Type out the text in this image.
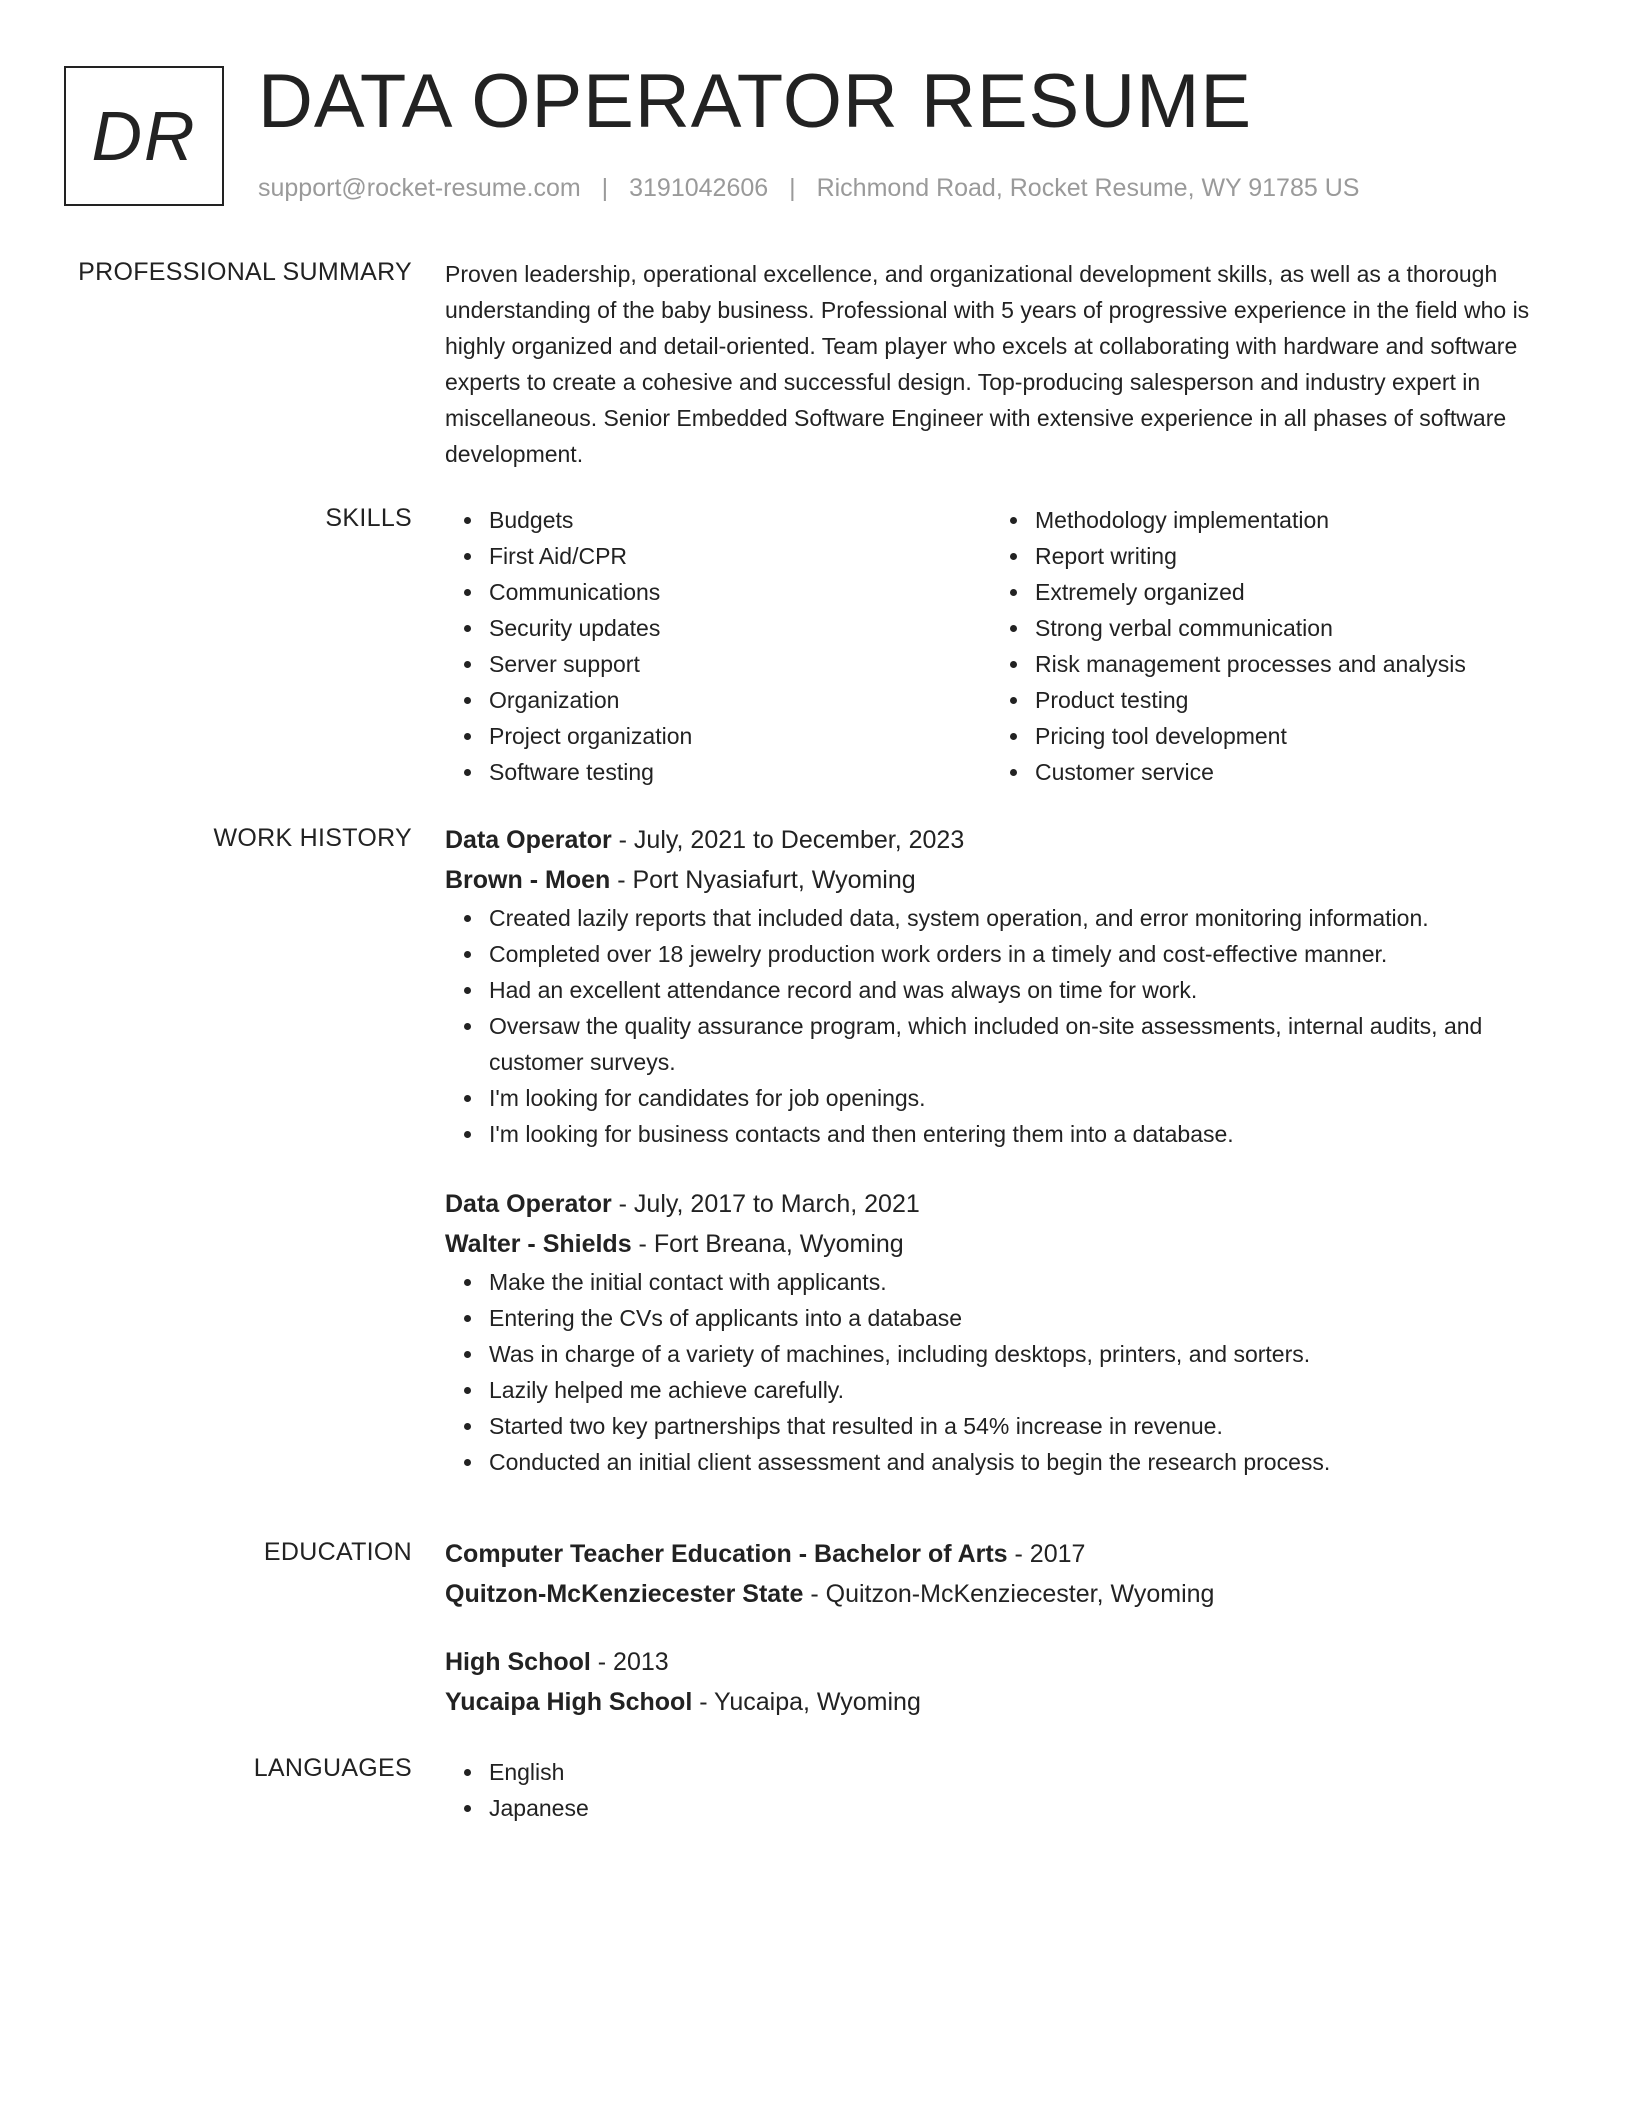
DR DATA OPERATOR RESUME
support@rocket-resume.com | 3191042606 | Richmond Road, Rocket Resume, WY 91785 US
PROFESSIONAL SUMMARY Proven leadership, operational excellence, and organizational development skills, as well as a thorough understanding of the baby business. Professional with 5 years of progressive experience in the field who is highly organized and detail-oriented. Team player who excels at collaborating with hardware and software experts to create a cohesive and successful design. Top-producing salesperson and industry expert in miscellaneous. Senior Embedded Software Engineer with extensive experience in all phases of software development.

SKILLS	Budgets
First Aid/CPR
Communications
Security updates
Server support
Organization
Project organization
Software testing
Methodology implementation
Report writing
Extremely organized
Strong verbal communication
Risk management processes and analysis
Product testing
Pricing tool development
Customer service
WORK HISTORY Data Operator - July, 2021 to December, 2023
Brown - Moen - Port Nyasiafurt, Wyoming
Created lazily reports that included data, system operation, and error monitoring information.
Completed over 18 jewelry production work orders in a timely and cost-effective manner.
Had an excellent attendance record and was always on time for work.
Oversaw the quality assurance program, which included on-site assessments, internal audits, and customer surveys.
I'm looking for candidates for job openings.
I'm looking for business contacts and then entering them into a database.
Data Operator - July, 2017 to March, 2021
Walter - Shields - Fort Breana, Wyoming
Make the initial contact with applicants.
Entering the CVs of applicants into a database
Was in charge of a variety of machines, including desktops, printers, and sorters.
Lazily helped me achieve carefully.
Started two key partnerships that resulted in a 54% increase in revenue.
Conducted an initial client assessment and analysis to begin the research process.
EDUCATION Computer Teacher Education - Bachelor of Arts - 2017
Quitzon-McKenziecester State - Quitzon-McKenziecester, Wyoming
High School - 2013
Yucaipa High School - Yucaipa, Wyoming
LANGUAGES	English
Japanese
